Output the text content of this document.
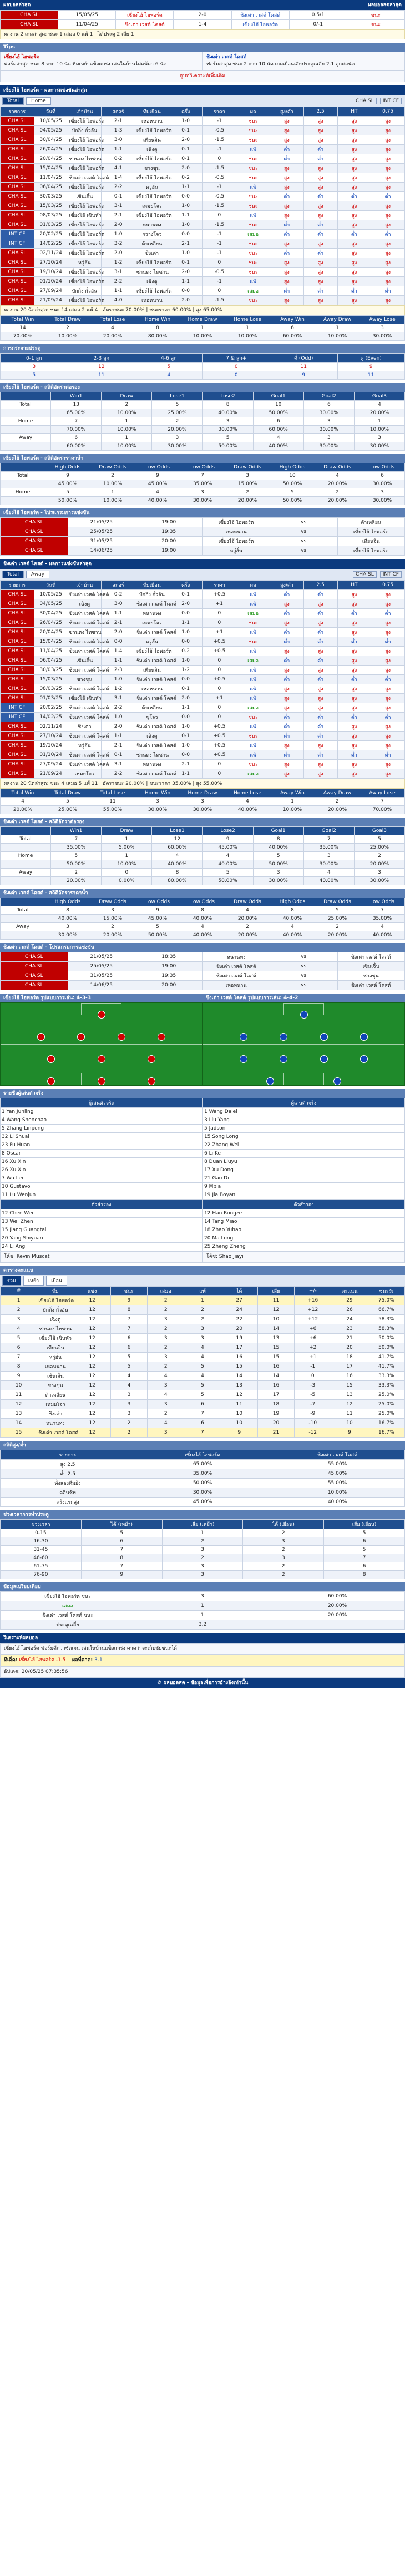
ผลบอลล่าสุด	ผลบอลสดล่าสุด
CHA SL	15/05/25	เซี่ยงไฮ้ ไฮพอร์ต	2-0	ชิงเต่า เวสต์ โคสต์	0.5/1	ชนะ
CHA SL	11/04/25	ชิงเต่า เวสต์ โคสต์	1-4	เซี่ยงไฮ้ ไฮพอร์ต	0/-1	ชนะ
ผลงาน 2 เกมล่าสุด: ชนะ 1 เสมอ 0 แพ้ 1 | ได้ประตู 2 เสีย 1
Tips
เซี่ยงไฮ้ ไฮพอร์ต
ฟอร์มล่าสุด ชนะ 8 จาก 10 นัด ทีมเหย้าแข็งแกร่ง เล่นในบ้านไม่แพ้มา 6 นัด
ชิงเต่า เวสต์ โคสต์
ฟอร์มล่าสุด ชนะ 2 จาก 10 นัด เกมเยือนเสียประตูเฉลี่ย 2.1 ลูกต่อนัด
ดูบทวิเคราะห์เพิ่มเติม
เซี่ยงไฮ้ ไฮพอร์ต - ผลการแข่งขันล่าสุด
Total	Home	CHA SL	INT CF
รายการ	วันที่	เจ้าบ้าน	สกอร์	ทีมเยือน	ครึ่ง	ราคา	ผล	สูง/ต่ำ	2.5	HT	0.75
CHA SL	10/05/25	เซี่ยงไฮ้ ไฮพอร์ต	2-1	เหอหนาน	1-0	-1	ชนะ	สูง	สูง	สูง	สูง
CHA SL	04/05/25	ปักกิ่ง กั๋วอัน	1-3	เซี่ยงไฮ้ ไฮพอร์ต	0-1	-0.5	ชนะ	สูง	สูง	สูง	สูง
CHA SL	30/04/25	เซี่ยงไฮ้ ไฮพอร์ต	3-0	เทียนจิน	2-0	-1.5	ชนะ	สูง	สูง	สูง	สูง
CHA SL	26/04/25	เซี่ยงไฮ้ ไฮพอร์ต	1-1	เฉิงตู	0-1	-1	แพ้	ต่ำ	ต่ำ	สูง	สูง
CHA SL	20/04/25	ซานตง ไทซาน	0-2	เซี่ยงไฮ้ ไฮพอร์ต	0-1	0	ชนะ	ต่ำ	ต่ำ	สูง	สูง
CHA SL	15/04/25	เซี่ยงไฮ้ ไฮพอร์ต	4-1	ชางชุน	2-0	-1.5	ชนะ	สูง	สูง	สูง	สูง
CHA SL	11/04/25	ชิงเต่า เวสต์ โคสต์	1-4	เซี่ยงไฮ้ ไฮพอร์ต	0-2	-0.5	ชนะ	สูง	สูง	สูง	สูง
CHA SL	06/04/25	เซี่ยงไฮ้ ไฮพอร์ต	2-2	หวู่ฮั่น	1-1	-1	แพ้	สูง	สูง	สูง	สูง
CHA SL	30/03/25	เซินเจิ้น	0-1	เซี่ยงไฮ้ ไฮพอร์ต	0-0	-0.5	ชนะ	ต่ำ	ต่ำ	ต่ำ	ต่ำ
CHA SL	15/03/25	เซี่ยงไฮ้ ไฮพอร์ต	3-1	เหมยโจว	1-0	-1.5	ชนะ	สูง	สูง	สูง	สูง
CHA SL	08/03/25	เซี่ยงไฮ้ เซินหัว	2-1	เซี่ยงไฮ้ ไฮพอร์ต	1-1	0	แพ้	สูง	สูง	สูง	สูง
CHA SL	01/03/25	เซี่ยงไฮ้ ไฮพอร์ต	2-0	หนานทง	1-0	-1.5	ชนะ	ต่ำ	ต่ำ	สูง	สูง
INT CF	20/02/25	เซี่ยงไฮ้ ไฮพอร์ต	1-0	กวางโจว	0-0	-1	เสมอ	ต่ำ	ต่ำ	ต่ำ	ต่ำ
INT CF	14/02/25	เซี่ยงไฮ้ ไฮพอร์ต	3-2	ต้าเหลียน	2-1	-1	ชนะ	สูง	สูง	สูง	สูง
CHA SL	02/11/24	เซี่ยงไฮ้ ไฮพอร์ต	2-0	ชิงเต่า	1-0	-1	ชนะ	ต่ำ	ต่ำ	สูง	สูง
CHA SL	27/10/24	หวู่ฮั่น	1-2	เซี่ยงไฮ้ ไฮพอร์ต	0-1	0	ชนะ	สูง	สูง	สูง	สูง
CHA SL	19/10/24	เซี่ยงไฮ้ ไฮพอร์ต	3-1	ซานตง ไทซาน	2-0	-0.5	ชนะ	สูง	สูง	สูง	สูง
CHA SL	01/10/24	เซี่ยงไฮ้ ไฮพอร์ต	2-2	เฉิงตู	1-1	-1	แพ้	สูง	สูง	สูง	สูง
CHA SL	27/09/24	ปักกิ่ง กั๋วอัน	1-1	เซี่ยงไฮ้ ไฮพอร์ต	0-0	0	เสมอ	ต่ำ	ต่ำ	ต่ำ	ต่ำ
CHA SL	21/09/24	เซี่ยงไฮ้ ไฮพอร์ต	4-0	เหอหนาน	2-0	-1.5	ชนะ	สูง	สูง	สูง	สูง
ผลงาน 20 นัดล่าสุด: ชนะ 14 เสมอ 2 แพ้ 4 | อัตราชนะ 70.00% | ชนะราคา 60.00% | สูง 65.00%
Total Win	Total Draw	Total Lose	Home Win	Home Draw	Home Lose	Away Win	Away Draw	Away Lose
14	2	4	8	1	1	6	1	3
70.00%	10.00%	20.00%	80.00%	10.00%	10.00%	60.00%	10.00%	30.00%
การกระจายประตู
0-1 ลูก	2-3 ลูก	4-6 ลูก	7 & ลูก+	คี่ (Odd)	คู่ (Even)
3	12	5	0	11	9
5	11	4	0	9	11
เซี่ยงไฮ้ ไฮพอร์ต - สถิติอัตราต่อรอง
	Win1	Draw	Lose1	Lose2	Goal1	Goal2	Goal3
Total	13	2	5	8	10	6	4
	65.00%	10.00%	25.00%	40.00%	50.00%	30.00%	20.00%
Home	7	1	2	3	6	3	1
	70.00%	10.00%	20.00%	30.00%	60.00%	30.00%	10.00%
Away	6	1	3	5	4	3	3
	60.00%	10.00%	30.00%	50.00%	40.00%	30.00%	30.00%
เซี่ยงไฮ้ ไฮพอร์ต - สถิติอัตราราคาน้ำ
	High Odds	Draw Odds	Low Odds	Low Odds	Draw Odds	High Odds	Draw Odds	Low Odds
Total	9	2	9	7	3	10	4	6
	45.00%	10.00%	45.00%	35.00%	15.00%	50.00%	20.00%	30.00%
Home	5	1	4	3	2	5	2	3
	50.00%	10.00%	40.00%	30.00%	20.00%	50.00%	20.00%	30.00%
เซี่ยงไฮ้ ไฮพอร์ต - โปรแกรมการแข่งขัน
CHA SL	21/05/25	19:00	เซี่ยงไฮ้ ไฮพอร์ต	vs	ต้าเหลียน
CHA SL	25/05/25	19:35	เหอหนาน	vs	เซี่ยงไฮ้ ไฮพอร์ต
CHA SL	31/05/25	20:00	เซี่ยงไฮ้ ไฮพอร์ต	vs	เทียนจิน
CHA SL	14/06/25	19:00	หวู่ฮั่น	vs	เซี่ยงไฮ้ ไฮพอร์ต
ชิงเต่า เวสต์ โคสต์ - ผลการแข่งขันล่าสุด
Total	Away	CHA SL	INT CF
รายการ	วันที่	เจ้าบ้าน	สกอร์	ทีมเยือน	ครึ่ง	ราคา	ผล	สูง/ต่ำ	2.5	HT	0.75
CHA SL	10/05/25	ชิงเต่า เวสต์ โคสต์	0-2	ปักกิ่ง กั๋วอัน	0-1	+0.5	แพ้	ต่ำ	ต่ำ	สูง	สูง
CHA SL	04/05/25	เฉิงตู	3-0	ชิงเต่า เวสต์ โคสต์	2-0	+1	แพ้	สูง	สูง	สูง	สูง
CHA SL	30/04/25	ชิงเต่า เวสต์ โคสต์	1-1	หนานทง	0-0	0	เสมอ	ต่ำ	ต่ำ	ต่ำ	ต่ำ
CHA SL	26/04/25	ชิงเต่า เวสต์ โคสต์	2-1	เหมยโจว	1-1	0	ชนะ	สูง	สูง	สูง	สูง
CHA SL	20/04/25	ซานตง ไทซาน	2-0	ชิงเต่า เวสต์ โคสต์	1-0	+1	แพ้	ต่ำ	ต่ำ	สูง	สูง
CHA SL	15/04/25	ชิงเต่า เวสต์ โคสต์	0-0	หวู่ฮั่น	0-0	+0.5	ชนะ	ต่ำ	ต่ำ	ต่ำ	ต่ำ
CHA SL	11/04/25	ชิงเต่า เวสต์ โคสต์	1-4	เซี่ยงไฮ้ ไฮพอร์ต	0-2	+0.5	แพ้	สูง	สูง	สูง	สูง
CHA SL	06/04/25	เซินเจิ้น	1-1	ชิงเต่า เวสต์ โคสต์	1-0	0	เสมอ	ต่ำ	ต่ำ	สูง	สูง
CHA SL	30/03/25	ชิงเต่า เวสต์ โคสต์	2-3	เทียนจิน	1-2	0	แพ้	สูง	สูง	สูง	สูง
CHA SL	15/03/25	ชางชุน	1-0	ชิงเต่า เวสต์ โคสต์	0-0	+0.5	แพ้	ต่ำ	ต่ำ	ต่ำ	ต่ำ
CHA SL	08/03/25	ชิงเต่า เวสต์ โคสต์	1-2	เหอหนาน	0-1	0	แพ้	สูง	สูง	สูง	สูง
CHA SL	01/03/25	เซี่ยงไฮ้ เซินหัว	3-1	ชิงเต่า เวสต์ โคสต์	2-0	+1	แพ้	สูง	สูง	สูง	สูง
INT CF	20/02/25	ชิงเต่า เวสต์ โคสต์	2-2	ต้าเหลียน	1-1	0	เสมอ	สูง	สูง	สูง	สูง
INT CF	14/02/25	ชิงเต่า เวสต์ โคสต์	1-0	ซูโจว	0-0	0	ชนะ	ต่ำ	ต่ำ	ต่ำ	ต่ำ
CHA SL	02/11/24	ชิงเต่า	2-0	ชิงเต่า เวสต์ โคสต์	1-0	+0.5	แพ้	ต่ำ	ต่ำ	สูง	สูง
CHA SL	27/10/24	ชิงเต่า เวสต์ โคสต์	1-1	เฉิงตู	0-1	+0.5	ชนะ	ต่ำ	ต่ำ	สูง	สูง
CHA SL	19/10/24	หวู่ฮั่น	2-1	ชิงเต่า เวสต์ โคสต์	1-0	+0.5	แพ้	สูง	สูง	สูง	สูง
CHA SL	01/10/24	ชิงเต่า เวสต์ โคสต์	0-1	ซานตง ไทซาน	0-0	+0.5	แพ้	ต่ำ	ต่ำ	ต่ำ	ต่ำ
CHA SL	27/09/24	ชิงเต่า เวสต์ โคสต์	3-1	หนานทง	2-1	0	ชนะ	สูง	สูง	สูง	สูง
CHA SL	21/09/24	เหมยโจว	2-2	ชิงเต่า เวสต์ โคสต์	1-1	0	เสมอ	สูง	สูง	สูง	สูง
ผลงาน 20 นัดล่าสุด: ชนะ 4 เสมอ 5 แพ้ 11 | อัตราชนะ 20.00% | ชนะราคา 35.00% | สูง 55.00%
Total Win	Total Draw	Total Lose	Home Win	Home Draw	Home Lose	Away Win	Away Draw	Away Lose
4	5	11	3	3	4	1	2	7
20.00%	25.00%	55.00%	30.00%	30.00%	40.00%	10.00%	20.00%	70.00%
ชิงเต่า เวสต์ โคสต์ - สถิติอัตราต่อรอง
	Win1	Draw	Lose1	Lose2	Goal1	Goal2	Goal3
Total	7	1	12	9	8	7	5
	35.00%	5.00%	60.00%	45.00%	40.00%	35.00%	25.00%
Home	5	1	4	4	5	3	2
	50.00%	10.00%	40.00%	40.00%	50.00%	30.00%	20.00%
Away	2	0	8	5	3	4	3
	20.00%	0.00%	80.00%	50.00%	30.00%	40.00%	30.00%
ชิงเต่า เวสต์ โคสต์ - สถิติอัตราราคาน้ำ
	High Odds	Draw Odds	Low Odds	Low Odds	Draw Odds	High Odds	Draw Odds	Low Odds
Total	8	3	9	8	4	8	5	7
	40.00%	15.00%	45.00%	40.00%	20.00%	40.00%	25.00%	35.00%
Away	3	2	5	4	2	4	2	4
	30.00%	20.00%	50.00%	40.00%	20.00%	40.00%	20.00%	40.00%
ชิงเต่า เวสต์ โคสต์ - โปรแกรมการแข่งขัน
CHA SL	21/05/25	18:35	หนานทง	vs	ชิงเต่า เวสต์ โคสต์
CHA SL	25/05/25	19:00	ชิงเต่า เวสต์ โคสต์	vs	เซินเจิ้น
CHA SL	31/05/25	19:35	ชิงเต่า เวสต์ โคสต์	vs	ชางชุน
CHA SL	14/06/25	20:00	เหอหนาน	vs	ชิงเต่า เวสต์ โคสต์
เซี่ยงไฮ้ ไฮพอร์ต รูปแบบการเล่น: 4-3-3	ชิงเต่า เวสต์ โคสต์ รูปแบบการเล่น: 4-4-2
รายชื่อผู้เล่นตัวจริง
ผู้เล่นตัวจริง
1 Yan Junling
4 Wang Shenchao
5 Zhang Linpeng
32 Li Shuai
23 Fu Huan
8 Oscar
16 Xu Xin
26 Xu Xin
7 Wu Lei
10 Gustavo
11 Lu Wenjun
ตัวสำรอง
12 Chen Wei
13 Wei Zhen
15 Jiang Guangtai
20 Yang Shiyuan
24 Li Ang
โค้ช: Kevin Muscat
ผู้เล่นตัวจริง
1 Wang Dalei
3 Liu Yang
5 Jadson
15 Song Long
22 Zhang Wei
6 Li Ke
8 Duan Liuyu
17 Xu Dong
21 Gao Di
9 Mbia
19 Jia Boyan
ตัวสำรอง
12 Han Rongze
14 Tang Miao
18 Zhao Yuhao
20 Ma Long
25 Zheng Zheng
โค้ช: Shao Jiayi
ตารางคะแนน
รวม	เหย้า	เยือน
#	ทีม	แข่ง	ชนะ	เสมอ	แพ้	ได้	เสีย	+/-	คะแนน	ชนะ%
1	เซี่ยงไฮ้ ไฮพอร์ต	12	9	2	1	27	11	+16	29	75.0%
2	ปักกิ่ง กั๋วอัน	12	8	2	2	24	12	+12	26	66.7%
3	เฉิงตู	12	7	3	2	22	10	+12	24	58.3%
4	ซานตง ไทซาน	12	7	2	3	20	14	+6	23	58.3%
5	เซี่ยงไฮ้ เซินหัว	12	6	3	3	19	13	+6	21	50.0%
6	เทียนจิน	12	6	2	4	17	15	+2	20	50.0%
7	หวู่ฮั่น	12	5	3	4	16	15	+1	18	41.7%
8	เหอหนาน	12	5	2	5	15	16	-1	17	41.7%
9	เซินเจิ้น	12	4	4	4	14	14	0	16	33.3%
10	ชางชุน	12	4	3	5	13	16	-3	15	33.3%
11	ต้าเหลียน	12	3	4	5	12	17	-5	13	25.0%
12	เหมยโจว	12	3	3	6	11	18	-7	12	25.0%
13	ชิงเต่า	12	3	2	7	10	19	-9	11	25.0%
14	หนานทง	12	2	4	6	10	20	-10	10	16.7%
15	ชิงเต่า เวสต์ โคสต์	12	2	3	7	9	21	-12	9	16.7%
สถิติสูง/ต่ำ
รายการ	เซี่ยงไฮ้ ไฮพอร์ต	ชิงเต่า เวสต์ โคสต์
สูง 2.5	65.00%	55.00%
ต่ำ 2.5	35.00%	45.00%
ทั้งสองทีมยิง	50.00%	55.00%
คลีนชีท	30.00%	10.00%
ครึ่งแรกสูง	45.00%	40.00%
ช่วงเวลาการทำประตู
ช่วงเวลา	ได้ (เหย้า)	เสีย (เหย้า)	ได้ (เยือน)	เสีย (เยือน)
0-15	5	1	2	5
16-30	6	2	3	6
31-45	7	3	2	5
46-60	8	2	3	7
61-75	7	3	2	6
76-90	9	3	2	8
ข้อมูลเปรียบเทียบ
เซี่ยงไฮ้ ไฮพอร์ต ชนะ	3	60.00%
เสมอ	1	20.00%
ชิงเต่า เวสต์ โคสต์ ชนะ	1	20.00%
ประตูเฉลี่ย	3.2	
วิเคราะห์ผลบอล
เซี่ยงไฮ้ ไฮพอร์ต ฟอร์มดีกว่าชัดเจน เล่นในบ้านแข็งแกร่ง คาดว่าจะเก็บชัยชนะได้
ทีเด็ด: เซี่ยงไฮ้ ไฮพอร์ต -1.5 ผลที่คาด: 3-1
อัปเดต: 20/05/25 07:35:56
© ผลบอลสด - ข้อมูลเพื่อการอ้างอิงเท่านั้น
